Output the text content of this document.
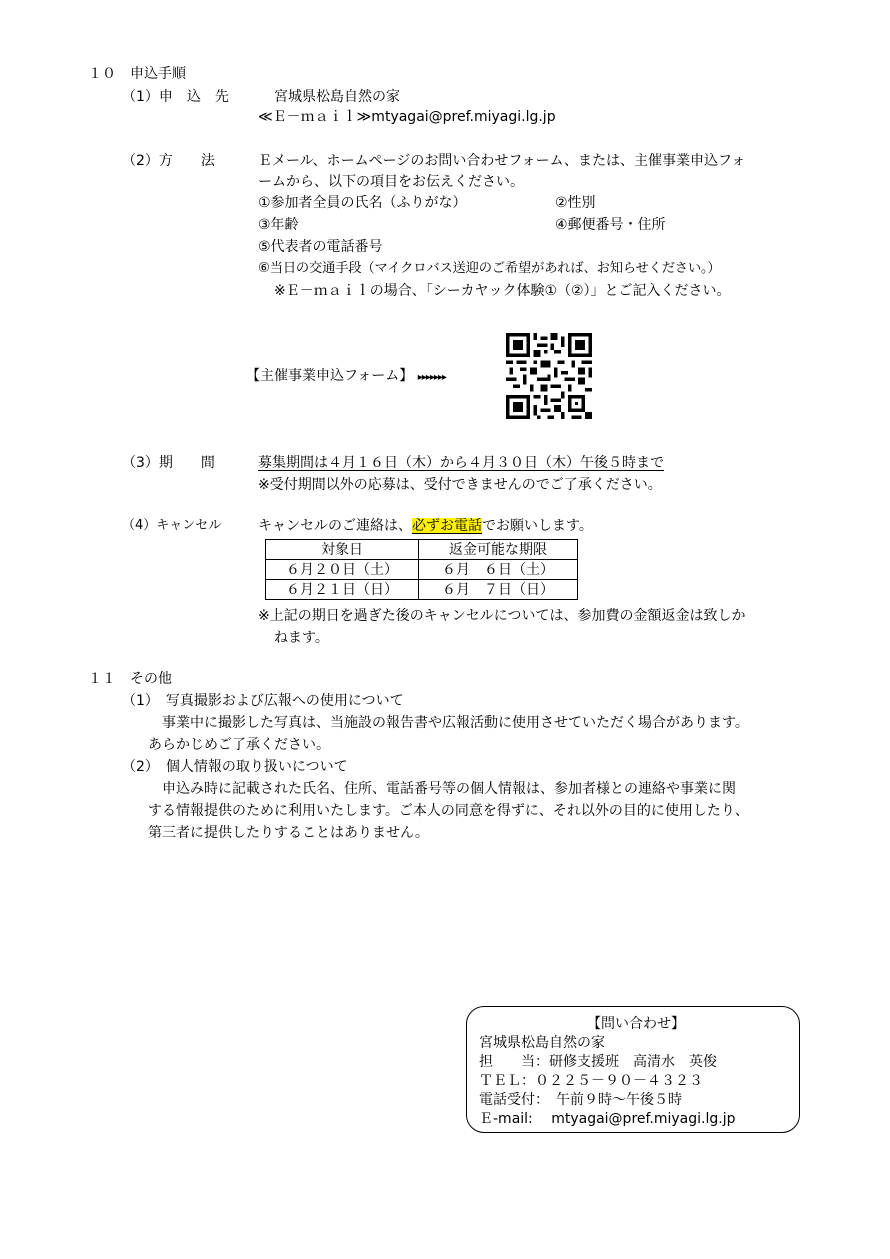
１０　申込手順
（1）申　込　先	宮城県松島自然の家
≪Ｅ－ｍａｉｌ≫mtyagai@pref.miyagi.lg.jp
（2）方　　法	Ｅメール、ホームページのお問い合わせフォーム、または、主催事業申込フォ
ームから、以下の項目をお伝えください。
①参加者全員の氏名（ふりがな）	②性別
③年齢	④郵便番号・住所
⑤代表者の電話番号
⑥当日の交通手段（マイクロバス送迎のご希望があれば、お知らせください。）
※Ｅ－ｍａｉｌの場合、「シーカヤック体験①（②）」とご記入ください。
【主催事業申込フォーム】 ▸▸▸▸▸▸▸
（3）期　　間	募集期間は４月１６日（木）から４月３０日（木）午後５時まで
※受付期間以外の応募は、受付できませんのでご了承ください。
（4）キャンセル	キャンセルのご連絡は、必ずお電話でお願いします。
対象日	返金可能な期限
６月２０日（土）	６月　６日（土）
６月２１日（日）	６月　７日（日）
※上記の期日を過ぎた後のキャンセルについては、参加費の金額返金は致しか
ねます。
１１　その他
（1）　写真撮影および広報への使用について
事業中に撮影した写真は、当施設の報告書や広報活動に使用させていただく場合があります。
あらかじめご了承ください。
（2）　個人情報の取り扱いについて
申込み時に記載された氏名、住所、電話番号等の個人情報は、参加者様との連絡や事業に関
する情報提供のために利用いたします。ご本人の同意を得ずに、それ以外の目的に使用したり、
第三者に提供したりすることはありません。
【問い合わせ】
宮城県松島自然の家
担　　当：研修支援班　高清水　英俊
ＴＥＬ：０２２５－９０－４３２３
電話受付：　午前９時～午後５時
Ｅ-mail:　 mtyagai@pref.miyagi.lg.jp
